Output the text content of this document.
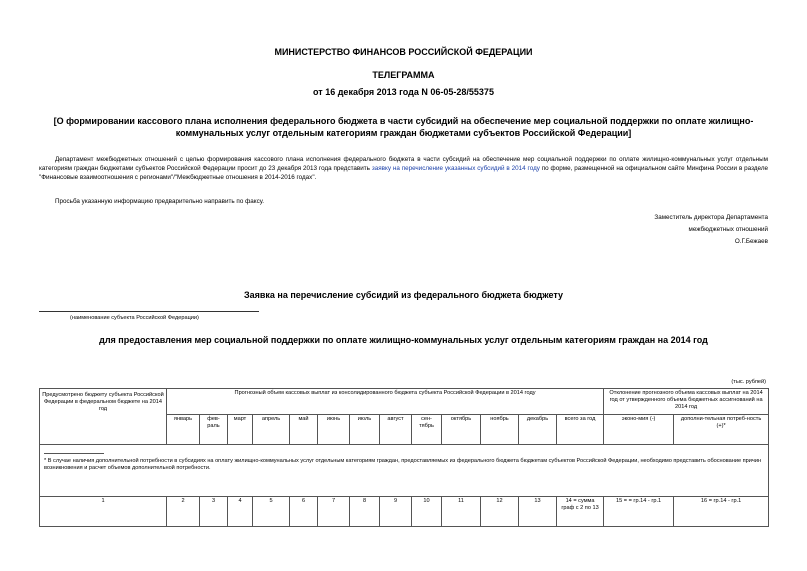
МИНИСТЕРСТВО ФИНАНСОВ РОССИЙСКОЙ ФЕДЕРАЦИИ
ТЕЛЕГРАММА
от 16 декабря 2013 года N 06-05-28/55375
[О формировании кассового плана исполнения федерального бюджета в части субсидий на обеспечение мер социальной поддержки по оплате жилищно-
коммунальных услуг отдельным категориям граждан бюджетами субъектов Российской Федерации]
Департамент межбюджетных отношений с целью формирования кассового плана исполнения федерального бюджета в части субсидий на обеспечение мер социальной поддержки по оплате жилищно-коммунальных услуг отдельным категориям граждан бюджетами субъектов Российской Федерации просит до 23 декабря 2013 года представить заявку на перечисление указанных субсидий в 2014 году по форме, размещенной на официальном сайте Минфина России в разделе "Финансовые взаимоотношения с регионами"/"Межбюджетные отношения в 2014-2016 годах".
Просьба указанную информацию предварительно направить по факсу.
Заместитель директора Департамента
межбюджетных отношений
О.Г.Бежаев
Заявка на перечисление субсидий из федерального бюджета бюджету
(наименование субъекта Российской Федерации)
для предоставления мер социальной поддержки по оплате жилищно-коммунальных услуг отдельным категориям граждан на 2014 год
(тыс. рублей)
Предусмотрено бюджету субъекта Российской Федерации в федеральном бюджете на 2014 год	Прогнозный объем кассовых выплат из консолидированного бюджета субъекта Российской Федерации в 2014 году													Отклонение прогнозного объема кассовых выплат на 2014 год от утвержденного объема бюджетных ассигнований на 2014 год	
	январь	фев-раль	март	апрель	май	июнь	июль	август	сен-тябрь	октябрь	ноябрь	декабрь	всего за год	эконо-мия (-)	дополни-тельная потреб-ность (+)*

* В случае наличия дополнительной потребности в субсидиях на оплату жилищно-коммунальных услуг отдельным категориям граждан, предоставляемых из федерального бюджета бюджетам субъектов Российской Федерации, необходимо представить обоснование причин возникновения и расчет объемов дополнительной потребности.															

1	2	3	4	5	6	7	8	9	10	11	12	13	14 = сумма граф с 2 по 13	15 = = гр.14 - гр.1	16 = гр.14 - гр.1
